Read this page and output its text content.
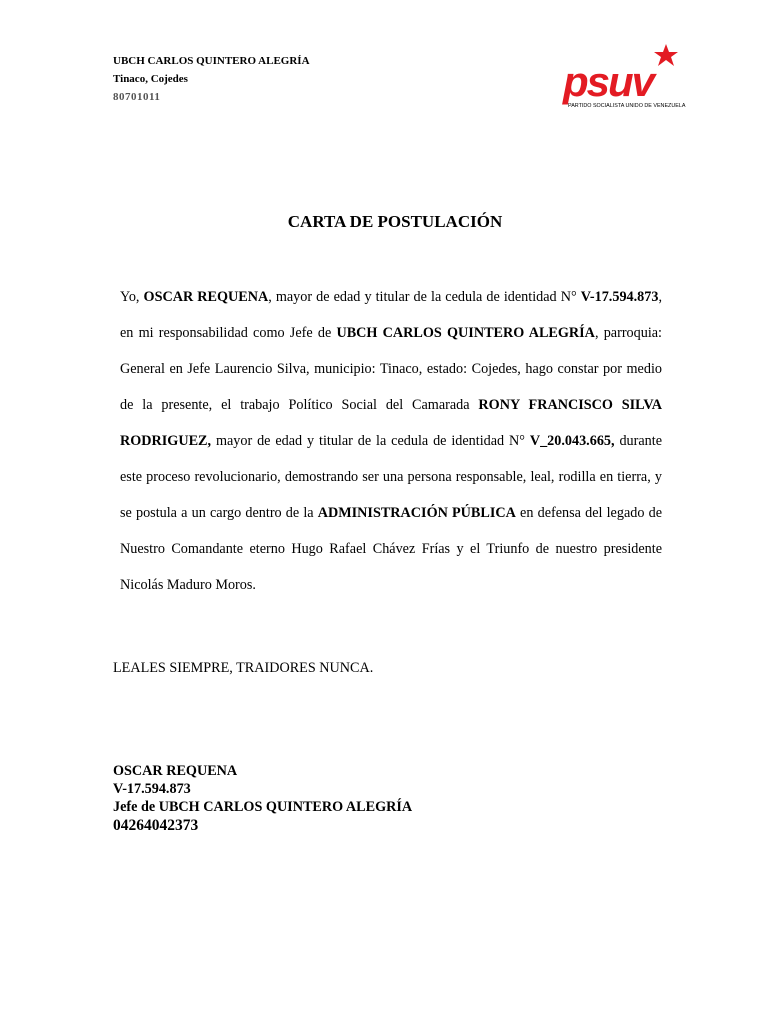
UBCH CARLOS QUINTERO ALEGRÍA
Tinaco, Cojedes
80701011	psuv
PARTIDO SOCIALISTA UNIDO DE VENEZUELA
CARTA DE POSTULACIÓN

Yo, OSCAR REQUENA, mayor de edad y titular de la cedula de identidad N° V-17.594.873, en mi responsabilidad como Jefe de UBCH CARLOS QUINTERO ALEGRÍA, parroquia: General en Jefe Laurencio Silva, municipio: Tinaco, estado: Cojedes, hago constar por medio de la presente, el trabajo Político Social del Camarada RONY FRANCISCO SILVA RODRIGUEZ, mayor de edad y titular de la cedula de identidad N° V_20.043.665, durante este proceso revolucionario, demostrando ser una persona responsable, leal, rodilla en tierra, y se postula a un cargo dentro de la ADMINISTRACIÓN PÚBLICA en defensa del legado de Nuestro Comandante eterno Hugo Rafael Chávez Frías y el Triunfo de nuestro presidente Nicolás Maduro Moros.

LEALES SIEMPRE, TRAIDORES NUNCA.
OSCAR REQUENA
V-17.594.873
Jefe de UBCH CARLOS QUINTERO ALEGRÍA
04264042373
